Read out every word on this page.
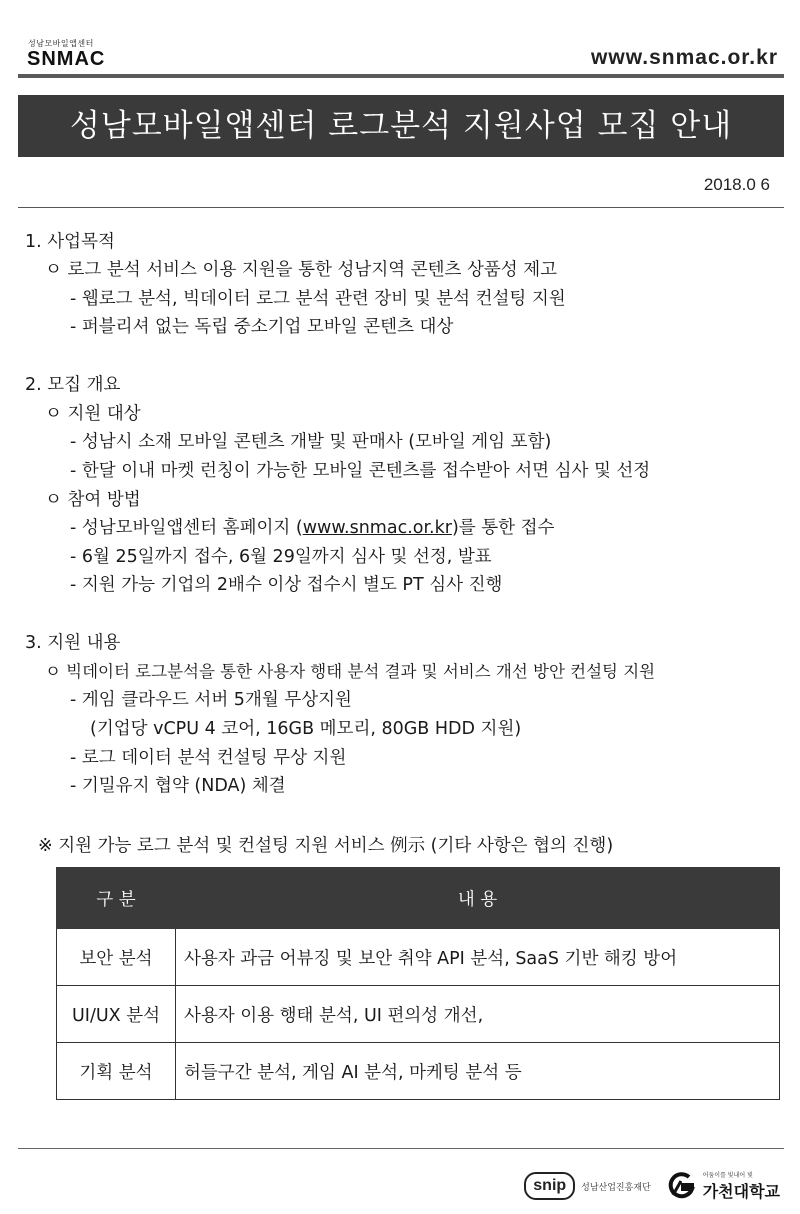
성남모바일앱센터
SNMAC	www.snmac.or.kr
성남모바일앱센터 로그분석 지원사업 모집 안내
2018.0 6
1. 사업목적
ㅇ 로그 분석 서비스 이용 지원을 통한 성남지역 콘텐츠 상품성 제고
- 웹로그 분석, 빅데이터 로그 분석 관련 장비 및 분석 컨설팅 지원
- 퍼블리셔 없는 독립 중소기업 모바일 콘텐츠 대상
2. 모집 개요
ㅇ 지원 대상
- 성남시 소재 모바일 콘텐츠 개발 및 판매사 (모바일 게임 포함)
- 한달 이내 마켓 런칭이 가능한 모바일 콘텐츠를 접수받아 서면 심사 및 선정
ㅇ 참여 방법
- 성남모바일앱센터 홈페이지 (www.snmac.or.kr)를 통한 접수
- 6월 25일까지 접수, 6월 29일까지 심사 및 선정, 발표
- 지원 가능 기업의 2배수 이상 접수시 별도 PT 심사 진행
3. 지원 내용
ㅇ 빅데이터 로그분석을 통한 사용자 행태 분석 결과 및 서비스 개선 방안 컨설팅 지원
- 게임 클라우드 서버 5개월 무상지원
(기업당 vCPU 4 코어, 16GB 메모리, 80GB HDD 지원)
- 로그 데이터 분석 컨설팅 무상 지원
- 기밀유지 협약 (NDA) 체결
※ 지원 가능 로그 분석 및 컨설팅 지원 서비스 例示 (기타 사항은 협의 진행)
구 분	내 용
보안 분석	사용자 과금 어뷰징 및 보안 취약 API 분석, SaaS 기반 해킹 방어
UI/UX 분석	사용자 이용 행태 분석, UI 편의성 개선,
기획 분석	허들구간 분석, 게임 AI 분석, 마케팅 분석 등
snip	성남산업진흥재단
어둠이를 빛내어 빛
가천대학교
